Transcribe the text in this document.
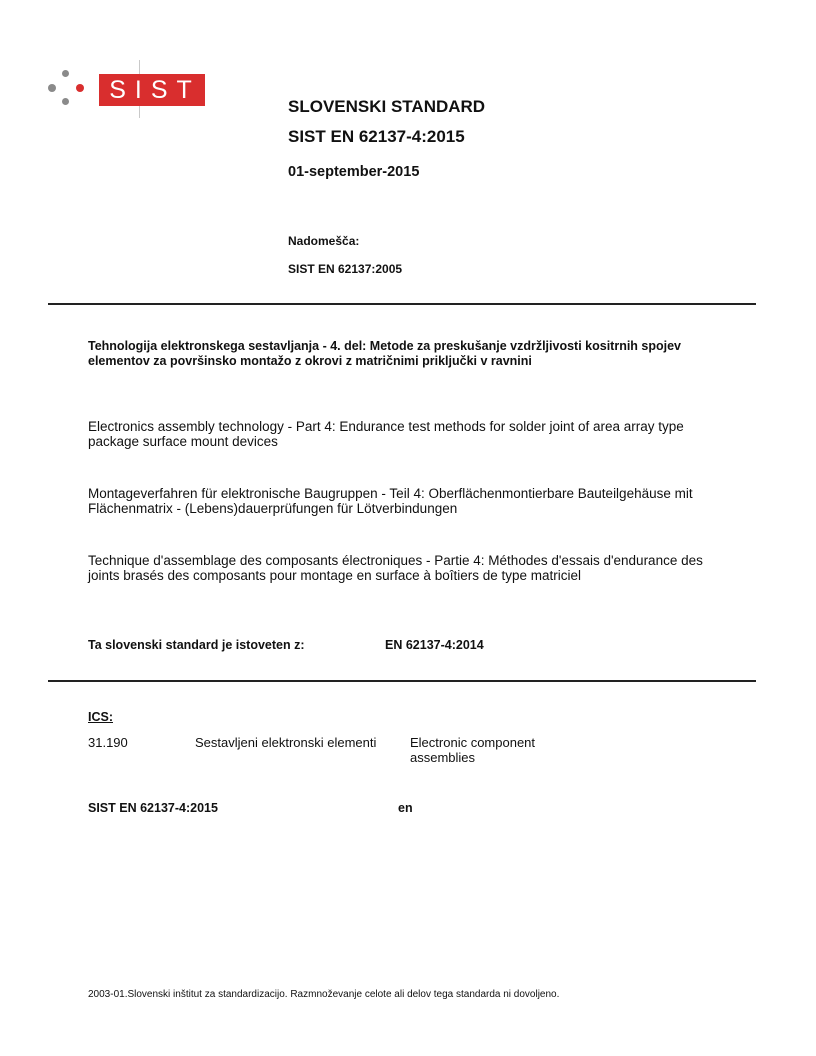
SIST
SLOVENSKI STANDARD
SIST EN 62137-4:2015
01-september-2015
Nadomešča:
SIST EN 62137:2005
Tehnologija elektronskega sestavljanja - 4. del: Metode za preskušanje vzdržljivosti kositrnih spojev elementov za površinsko montažo z okrovi z matričnimi priključki v ravnini
Electronics assembly technology - Part 4: Endurance test methods for solder joint of area array type package surface mount devices
Montageverfahren für elektronische Baugruppen - Teil 4: Oberflächenmontierbare Bauteilgehäuse mit Flächenmatrix - (Lebens)dauerprüfungen für Lötverbindungen
Technique d'assemblage des composants électroniques - Partie 4: Méthodes d'essais d'endurance des joints brasés des composants pour montage en surface à boîtiers de type matriciel
Ta slovenski standard je istoveten z:	EN 62137-4:2014
ICS:
31.190	Sestavljeni elektronski elementi	Electronic component assemblies
SIST EN 62137-4:2015	en
2003-01.Slovenski inštitut za standardizacijo. Razmnoževanje celote ali delov tega standarda ni dovoljeno.
